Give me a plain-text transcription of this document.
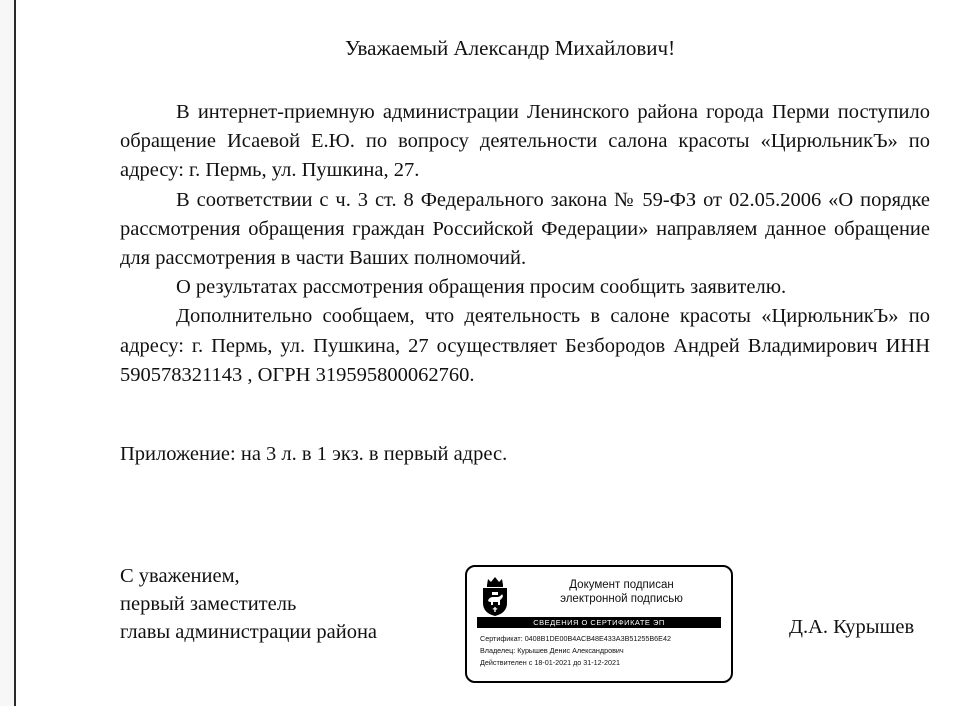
Уважаемый Александр Михайлович!

В интернет-приемную администрации Ленинского района города Перми поступило обращение Исаевой Е.Ю. по вопросу деятельности салона красоты «ЦирюльникЪ» по адресу: г. Пермь, ул. Пушкина, 27.

В соответствии с ч. 3 ст. 8 Федерального закона № 59-ФЗ от 02.05.2006 «О порядке рассмотрения обращения граждан Российской Федерации» направляем данное обращение для рассмотрения в части Ваших полномочий.

О результатах рассмотрения обращения просим сообщить заявителю.

Дополнительно сообщаем, что деятельность в салоне красоты «ЦирюльникЪ» по адресу: г. Пермь, ул. Пушкина, 27 осуществляет Безбородов Андрей Владимирович ИНН 590578321143 , ОГРН 319595800062760.

Приложение: на 3 л. в 1 экз. в первый адрес.
С уважением,
первый заместитель
главы администрации района
Документ подписан
электронной подписью
СВЕДЕНИЯ О СЕРТИФИКАТЕ ЭП
Сертификат: 0408B1DE00B4ACB48E433A3B51255B6E42
Владелец: Курышев Денис Александрович
Действителен с 18-01-2021 до 31-12-2021
Д.А. Курышев
